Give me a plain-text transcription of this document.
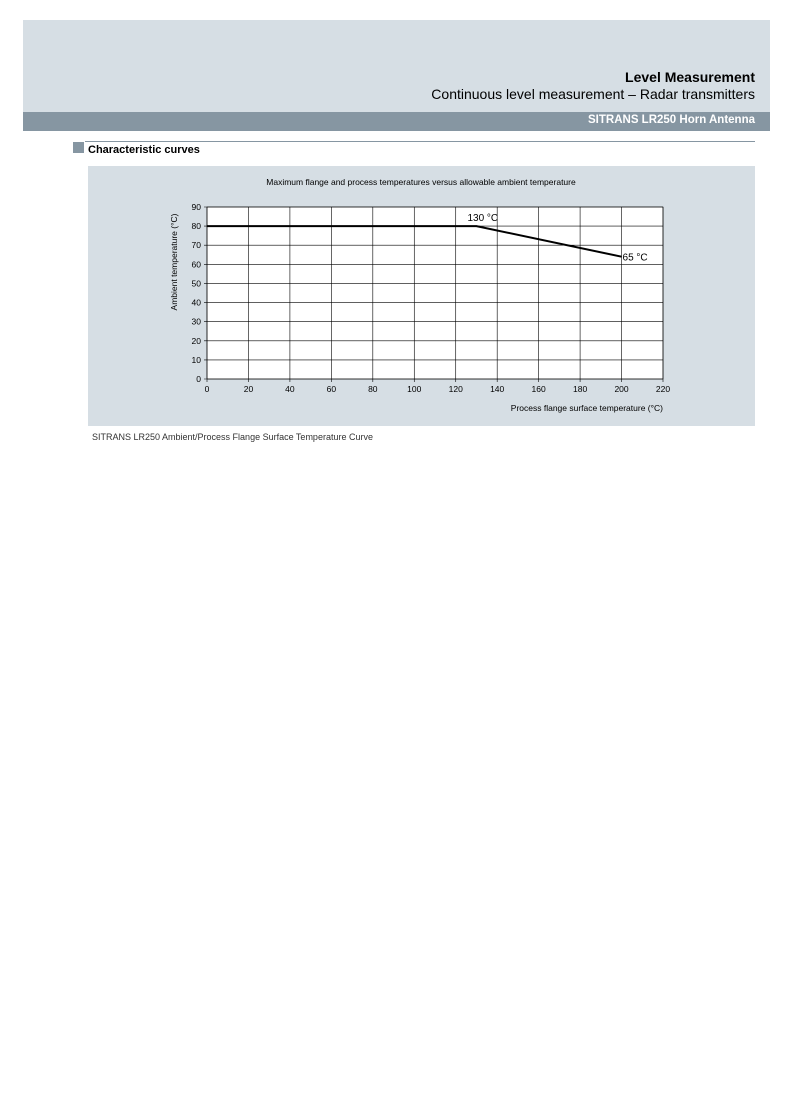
Level Measurement
Continuous level measurement – Radar transmitters
SITRANS LR250 Horn Antenna
Characteristic curves
Maximum flange and process temperatures versus allowable ambient temperature
0	20	40	60	80	100	120	140	160	180	200	220
0
10
20
30
40
50
60
70
80
90
130 °C
65 °C
Process flange surface temperature (°C)
Ambient temperature (°C)
SITRANS LR250 Ambient/Process Flange Surface Temperature Curve
